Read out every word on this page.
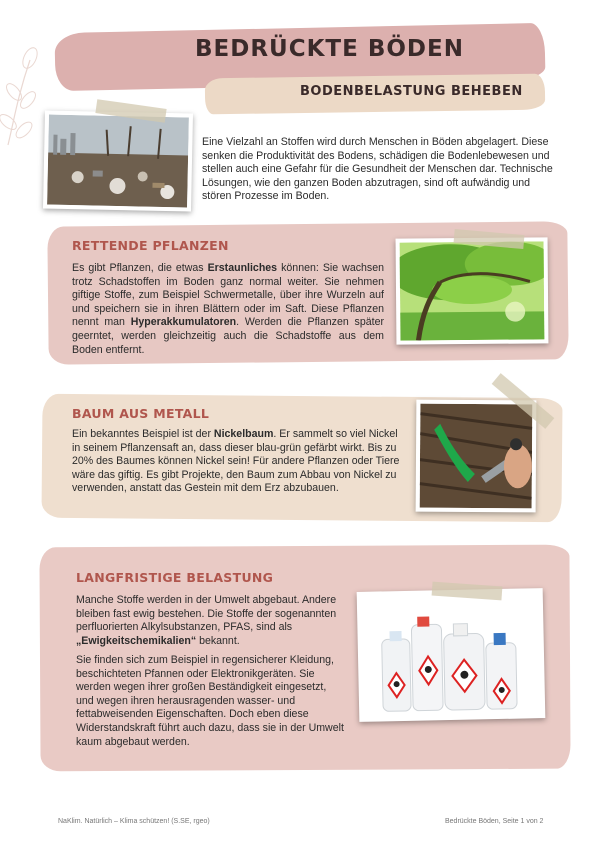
BEDRÜCKTE BÖDEN
BODENBELASTUNG BEHEBEN
Eine Vielzahl an Stoffen wird durch Menschen in Böden abgelagert. Diese senken die Produktivität des Bodens, schädigen die Bodenlebewesen und stellen auch eine Gefahr für die Gesundheit der Menschen dar. Technische Lösungen, wie den ganzen Boden abzutragen, sind oft aufwändig und stören Prozesse im Boden.
RETTENDE PFLANZEN
Es gibt Pflanzen, die etwas Erstaunliches können: Sie wachsen trotz Schadstoffen im Boden ganz normal weiter. Sie nehmen giftige Stoffe, zum Beispiel Schwermetalle, über ihre Wurzeln auf und speichern sie in ihren Blättern oder im Saft. Diese Pflanzen nennt man Hyperakkumulatoren. Werden die Pflanzen später geerntet, werden gleichzeitig auch die Schadstoffe aus dem Boden entfernt.
BAUM AUS METALL
Ein bekanntes Beispiel ist der Nickelbaum. Er sammelt so viel Nickel in seinem Pflanzensaft an, dass dieser blau-grün gefärbt wirkt. Bis zu 20% des Baumes können Nickel sein! Für andere Pflanzen oder Tiere wäre das giftig. Es gibt Projekte, den Baum zum Abbau von Nickel zu verwenden, anstatt das Gestein mit dem Erz abzubauen.
LANGFRISTIGE BELASTUNG
Manche Stoffe werden in der Umwelt abgebaut. Andere bleiben fast ewig bestehen. Die Stoffe der sogenannten perfluorierten Alkylsubstanzen, PFAS, sind als „Ewigkeitschemikalien“ bekannt.
Sie finden sich zum Beispiel in regensicherer Kleidung, beschichteten Pfannen oder Elektronikgeräten. Sie werden wegen ihrer großen Beständigkeit eingesetzt, und wegen ihren herausragenden wasser- und fettabweisenden Eigenschaften. Doch eben diese Widerstandskraft führt auch dazu, dass sie in der Umwelt kaum abgebaut werden.
NaKlim. Natürlich – Klima schützen! (S.SE, rgeo)	Bedrückte Böden, Seite 1 von 2
